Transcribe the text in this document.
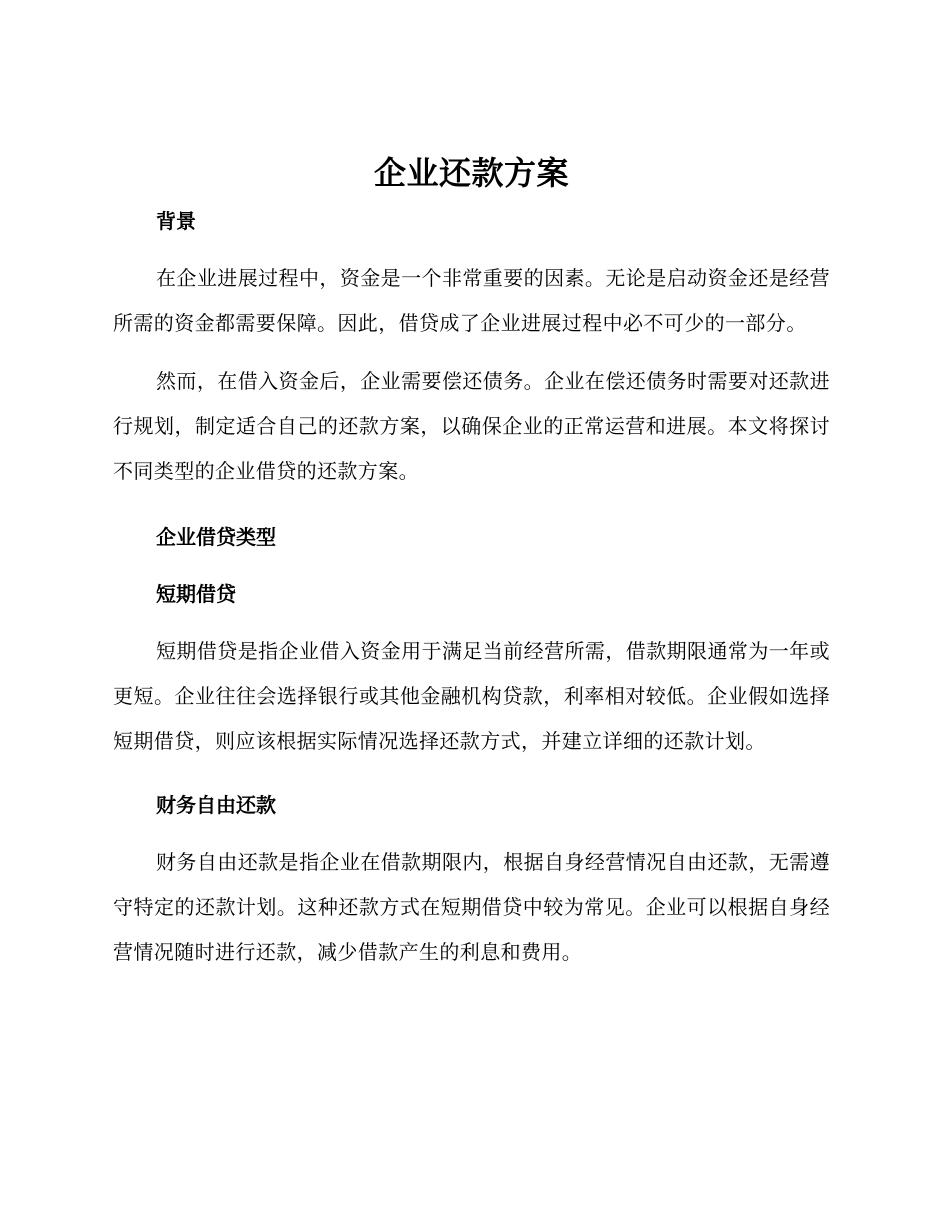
企业还款方案
背景

在企业进展过程中，资金是一个非常重要的因素。无论是启动资金还是经营所需的资金都需要保障。因此，借贷成了企业进展过程中必不可少的一部分。

然而，在借入资金后，企业需要偿还债务。企业在偿还债务时需要对还款进行规划，制定适合自己的还款方案，以确保企业的正常运营和进展。本文将探讨不同类型的企业借贷的还款方案。

企业借贷类型
短期借贷

短期借贷是指企业借入资金用于满足当前经营所需，借款期限通常为一年或更短。企业往往会选择银行或其他金融机构贷款，利率相对较低。企业假如选择短期借贷，则应该根据实际情况选择还款方式，并建立详细的还款计划。

财务自由还款

财务自由还款是指企业在借款期限内，根据自身经营情况自由还款，无需遵守特定的还款计划。这种还款方式在短期借贷中较为常见。企业可以根据自身经营情况随时进行还款，减少借款产生的利息和费用。
